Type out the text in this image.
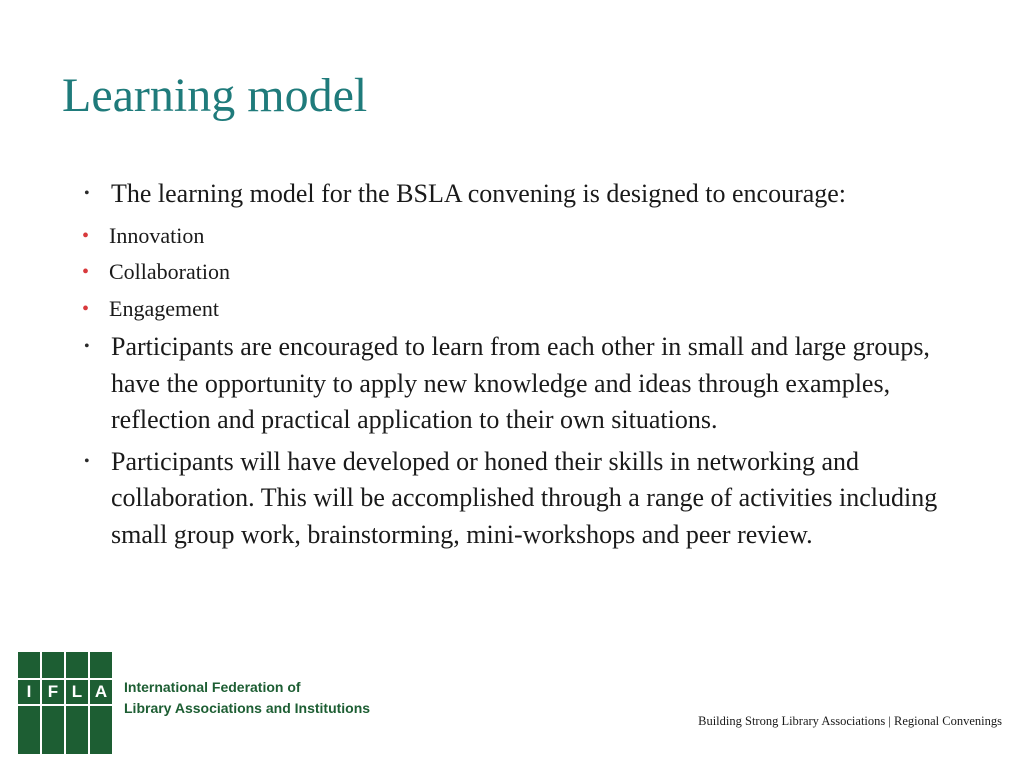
Learning model
• The learning model for the BSLA convening is designed to encourage:
• Innovation
• Collaboration
• Engagement
• Participants are encouraged to learn from each other in small and large groups, have the opportunity to apply new knowledge and ideas through examples, reflection and practical application to their own situations.
• Participants will have developed or honed their skills in networking and collaboration. This will be accomplished through a range of activities including small group work, brainstorming, mini-workshops and peer review.
I F L A	International Federation of
Library Associations and Institutions
Building Strong Library Associations | Regional Convenings
